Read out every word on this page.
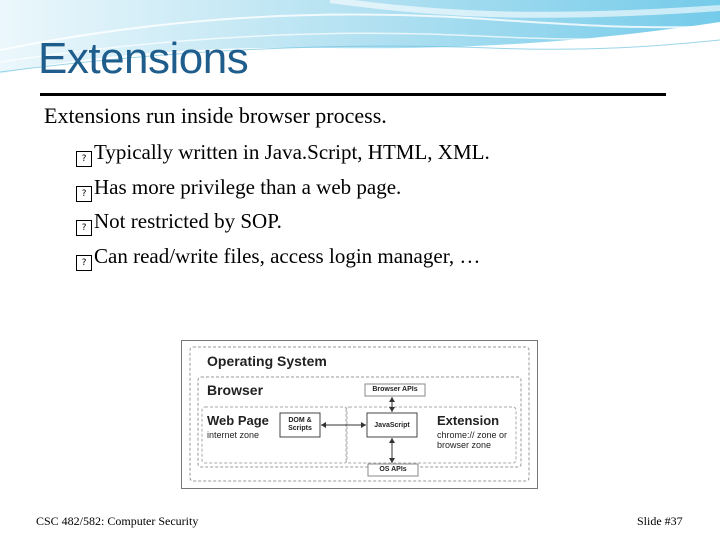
Extensions
Extensions run inside browser process.
? Typically written in Java.Script, HTML, XML.
? Has more privilege than a web page.
? Not restricted by SOP.
? Can read/write files, access login manager, …
Operating System
Browser	Browser APIs
Web Page
internet zone
DOM & Scripts	JavaScript	Extension
chrome:// zone or browser zone
OS APIs
CSC 482/582: Computer Security	Slide #37
